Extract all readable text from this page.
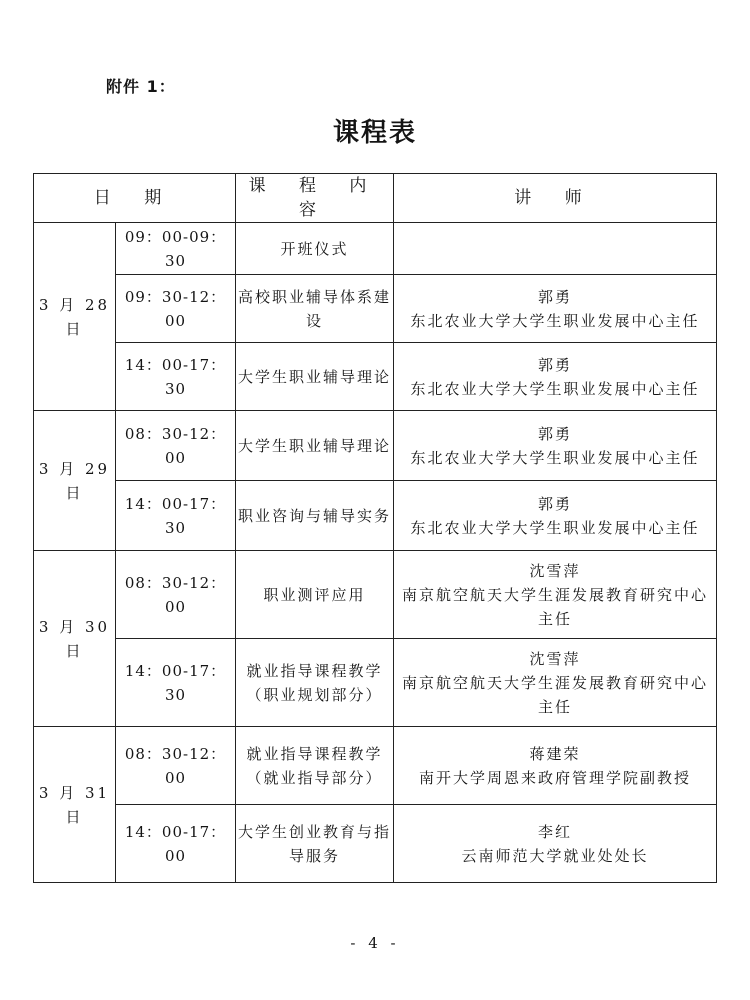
附件 1：
课程表
日 期		课 程 内 容	讲 师
3 月 28 日	09：00-09：30	开班仪式	

	09：30-12：00	高校职业辅导体系建设	郭勇
东北农业大学大学生职业发展中心主任

	14：00-17：30	大学生职业辅导理论	郭勇
东北农业大学大学生职业发展中心主任

3 月 29 日	08：30-12：00	大学生职业辅导理论	郭勇
东北农业大学大学生职业发展中心主任

	14：00-17：30	职业咨询与辅导实务	郭勇
东北农业大学大学生职业发展中心主任

3 月 30 日	08：30-12：00	职业测评应用	沈雪萍
南京航空航天大学生涯发展教育研究中心主任

	14：00-17：30	就业指导课程教学（职业规划部分）	沈雪萍
南京航空航天大学生涯发展教育研究中心主任

3 月 31 日	08：30-12：00	就业指导课程教学（就业指导部分）	蒋建荣
南开大学周恩来政府管理学院副教授

	14：00-17：00	大学生创业教育与指导服务	李红
云南师范大学就业处处长
- 4 -
